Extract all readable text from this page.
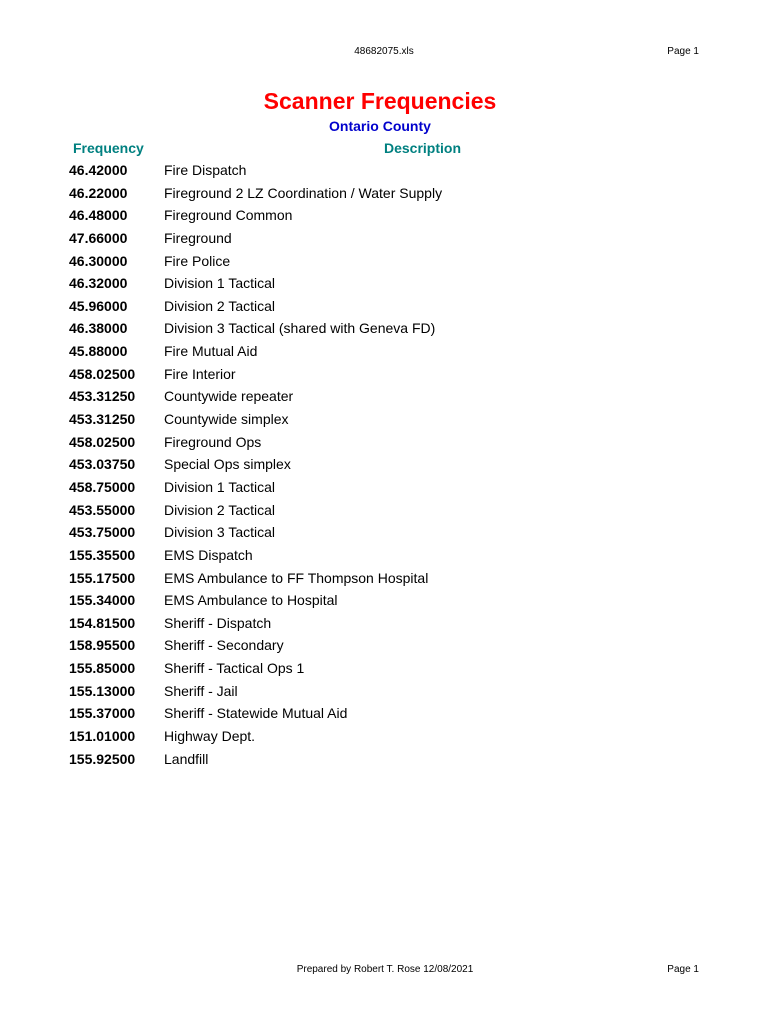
48682075.xls	Page 1
Scanner Frequencies
Ontario County
Frequency	Description
46.42000	Fire Dispatch
46.22000	Fireground 2 LZ Coordination / Water Supply
46.48000	Fireground Common
47.66000	Fireground
46.30000	Fire Police
46.32000	Division 1 Tactical
45.96000	Division 2 Tactical
46.38000	Division 3 Tactical (shared with Geneva FD)
45.88000	Fire Mutual Aid
458.02500 Fire Interior
453.31250 Countywide repeater
453.31250 Countywide simplex
458.02500 Fireground Ops
453.03750 Special Ops simplex
458.75000 Division 1 Tactical
453.55000 Division 2 Tactical
453.75000 Division 3 Tactical
155.35500 EMS Dispatch
155.17500 EMS Ambulance to FF Thompson Hospital
155.34000 EMS Ambulance to Hospital
154.81500 Sheriff - Dispatch
158.95500 Sheriff - Secondary
155.85000 Sheriff - Tactical Ops 1
155.13000 Sheriff - Jail
155.37000 Sheriff - Statewide Mutual Aid
151.01000 Highway Dept.
155.92500 Landfill
Prepared by Robert T. Rose 12/08/2021	Page 1
